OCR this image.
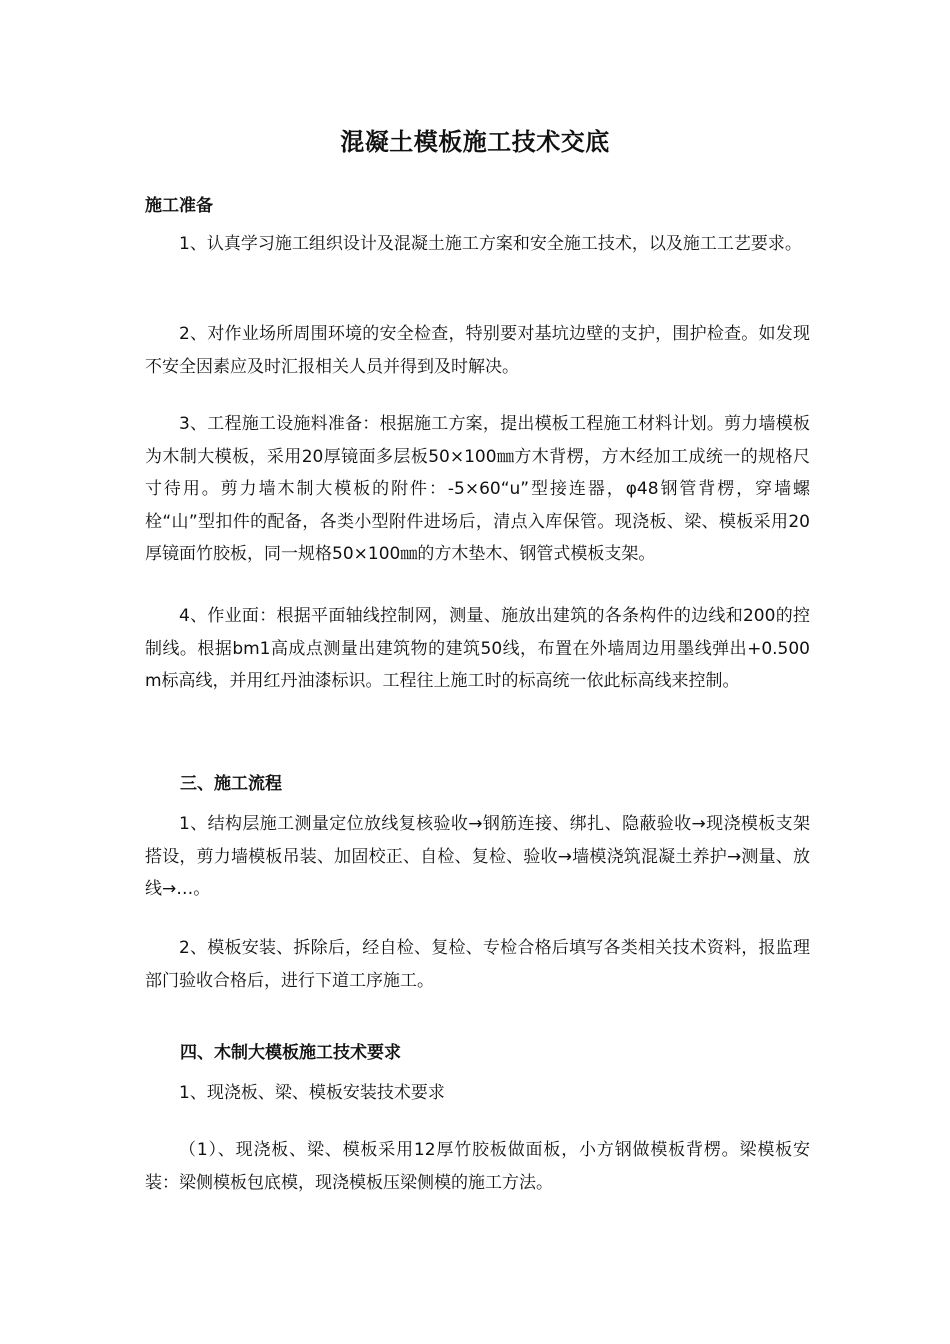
混凝土模板施工技术交底
施工准备

1、认真学习施工组织设计及混凝土施工方案和安全施工技术，以及施工工艺要求。

2、对作业场所周围环境的安全检查，特别要对基坑边壁的支护，围护检查。如发现不安全因素应及时汇报相关人员并得到及时解决。

3、工程施工设施料准备：根据施工方案，提出模板工程施工材料计划。剪力墙模板为木制大模板，采用20厚镜面多层板50×100㎜方木背楞，方木经加工成统一的规格尺寸待用。剪力墙木制大模板的附件：-5×60“u”型接连器，φ48钢管背楞，穿墙螺栓“山”型扣件的配备，各类小型附件进场后，清点入库保管。现浇板、梁、模板采用20厚镜面竹胶板，同一规格50×100㎜的方木垫木、钢管式模板支架。

4、作业面：根据平面轴线控制网，测量、施放出建筑的各条构件的边线和200的控制线。根据bm1高成点测量出建筑物的建筑50线，布置在外墙周边用墨线弹出+0.500m标高线，并用红丹油漆标识。工程往上施工时的标高统一依此标高线来控制。

三、施工流程

1、结构层施工测量定位放线复核验收→钢筋连接、绑扎、隐蔽验收→现浇模板支架搭设，剪力墙模板吊装、加固校正、自检、复检、验收→墙模浇筑混凝土养护→测量、放线→…。

2、模板安装、拆除后，经自检、复检、专检合格后填写各类相关技术资料，报监理部门验收合格后，进行下道工序施工。

四、木制大模板施工技术要求

1、现浇板、梁、模板安装技术要求

（1）、现浇板、梁、模板采用12厚竹胶板做面板，小方钢做模板背楞。梁模板安装：梁侧模板包底模，现浇模板压梁侧模的施工方法。
